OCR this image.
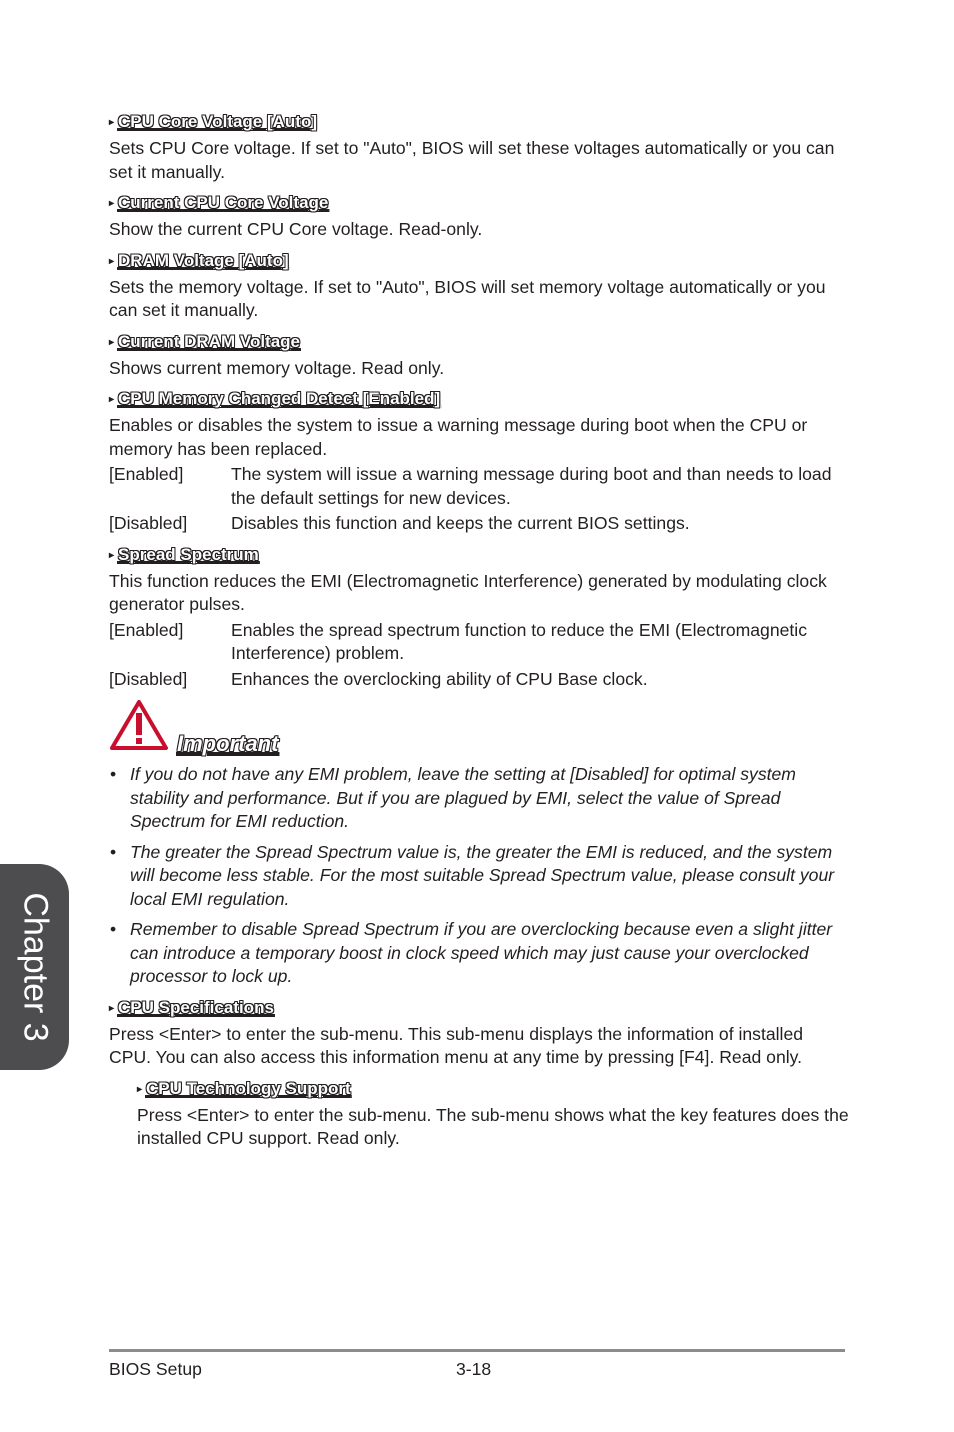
▸ CPU Core Voltage [Auto]

Sets CPU Core voltage. If set to "Auto", BIOS will set these voltages automatically or you can set it manually.

▸ Current CPU Core Voltage

Show the current CPU Core voltage. Read-only.

▸ DRAM Voltage [Auto]

Sets the memory voltage. If set to "Auto", BIOS will set memory voltage automatically or you can set it manually.

▸ Current DRAM Voltage

Shows current memory voltage. Read only.

▸ CPU Memory Changed Detect [Enabled]

Enables or disables the system to issue a warning message during boot when the CPU or memory has been replaced.

[Enabled]	The system will issue a warning message during boot and than needs to load the default settings for new devices.
[Disabled]	Disables this function and keeps the current BIOS settings.
▸ Spread Spectrum

This function reduces the EMI (Electromagnetic Interference) generated by modulating clock generator pulses.

[Enabled]	Enables the spread spectrum function to reduce the EMI (Electromagnetic Interference) problem.
[Disabled]	Enhances the overclocking ability of CPU Base clock.
Important
• If you do not have any EMI problem, leave the setting at [Disabled] for optimal system stability and performance. But if you are plagued by EMI, select the value of Spread Spectrum for EMI reduction.
• The greater the Spread Spectrum value is, the greater the EMI is reduced, and the system will become less stable. For the most suitable Spread Spectrum value, please consult your local EMI regulation.
• Remember to disable Spread Spectrum if you are overclocking because even a slight jitter can introduce a temporary boost in clock speed which may just cause your overclocked processor to lock up.
▸ CPU Specifications

Press <Enter> to enter the sub-menu. This sub-menu displays the information of installed CPU. You can also access this information menu at any time by pressing [F4]. Read only.

▸ CPU Technology Support

Press <Enter> to enter the sub-menu. The sub-menu shows what the key features does the installed CPU support. Read only.

Chapter 3
BIOS Setup	3-18
